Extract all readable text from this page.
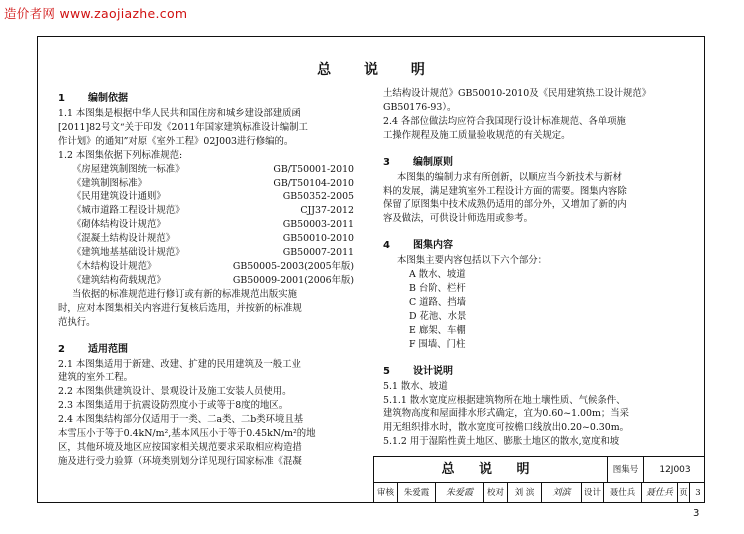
造价者网 www.zaojiazhe.com
总 说 明
1 编制依据
1.1 本图集是根据中华人民共和国住房和城乡建设部建质函
[2011]82号文“关于印发《2011年国家建筑标准设计编制工
作计划》的通知”对原《室外工程》02J003进行修编的。
1.2 本图集依据下列标准规范:
《房屋建筑制图统一标准》	GB/T50001-2010
《建筑制图标准》	GB/T50104-2010
《民用建筑设计通则》	GB50352-2005
《城市道路工程设计规范》	CJJ37-2012
《砌体结构设计规范》	GB50003-2011
《混凝土结构设计规范》	GB50010-2010
《建筑地基基础设计规范》	GB50007-2011
《木结构设计规范》	GB50005-2003(2005年版)
《建筑结构荷载规范》	GB50009-2001(2006年版)
当依据的标准规范进行修订或有新的标准规范出版实施
时，应对本图集相关内容进行复核后选用，并按新的标准规
范执行。
2 适用范围
2.1 本图集适用于新建、改建、扩建的民用建筑及一般工业
建筑的室外工程。
2.2 本图集供建筑设计、景观设计及施工安装人员使用。
2.3 本图集适用于抗震设防烈度小于或等于8度的地区。
2.4 本图集结构部分仅适用于一类、二a类、二b类环境且基
本雪压小于等于0.4kN/m²,基本风压小于等于0.45kN/m²的地
区，其他环境及地区应按国家相关规范要求采取相应构造措
施及进行受力验算（环境类别划分详见现行国家标准《混凝
土结构设计规范》GB50010-2010及《民用建筑热工设计规范》
GB50176-93）。
2.4 各部位做法均应符合我国现行设计标准规范、各单项施
工操作规程及施工质量验收规范的有关规定。
3 编制原则
本图集的编制力求有所创新，以顺应当今新技术与新材
料的发展，满足建筑室外工程设计方面的需要。图集内容除
保留了原图集中技术成熟仍适用的部分外，又增加了新的内
容及做法，可供设计师选用或参考。
4 图集内容
本图集主要内容包括以下六个部分：
A 散水、坡道
B 台阶、栏杆
C 道路、挡墙
D 花池、水景
E 廊架、车棚
F 围墙、门柱
5 设计说明
5.1 散水、坡道
5.1.1 散水宽度应根据建筑物所在地土壤性质、气候条件、
建筑物高度和屋面排水形式确定，宜为0.60~1.00m；当采
用无组织排水时，散水宽度可按檐口线放出0.20~0.30m。
5.1.2 用于湿陷性黄土地区、膨胀土地区的散水,宽度和坡
总 说 明	图集号	12J003
审核	朱爱霞	朱爱霞	校对	刘 滨	刘滨	设计	聂仕兵	聂仕兵 页 3
3
